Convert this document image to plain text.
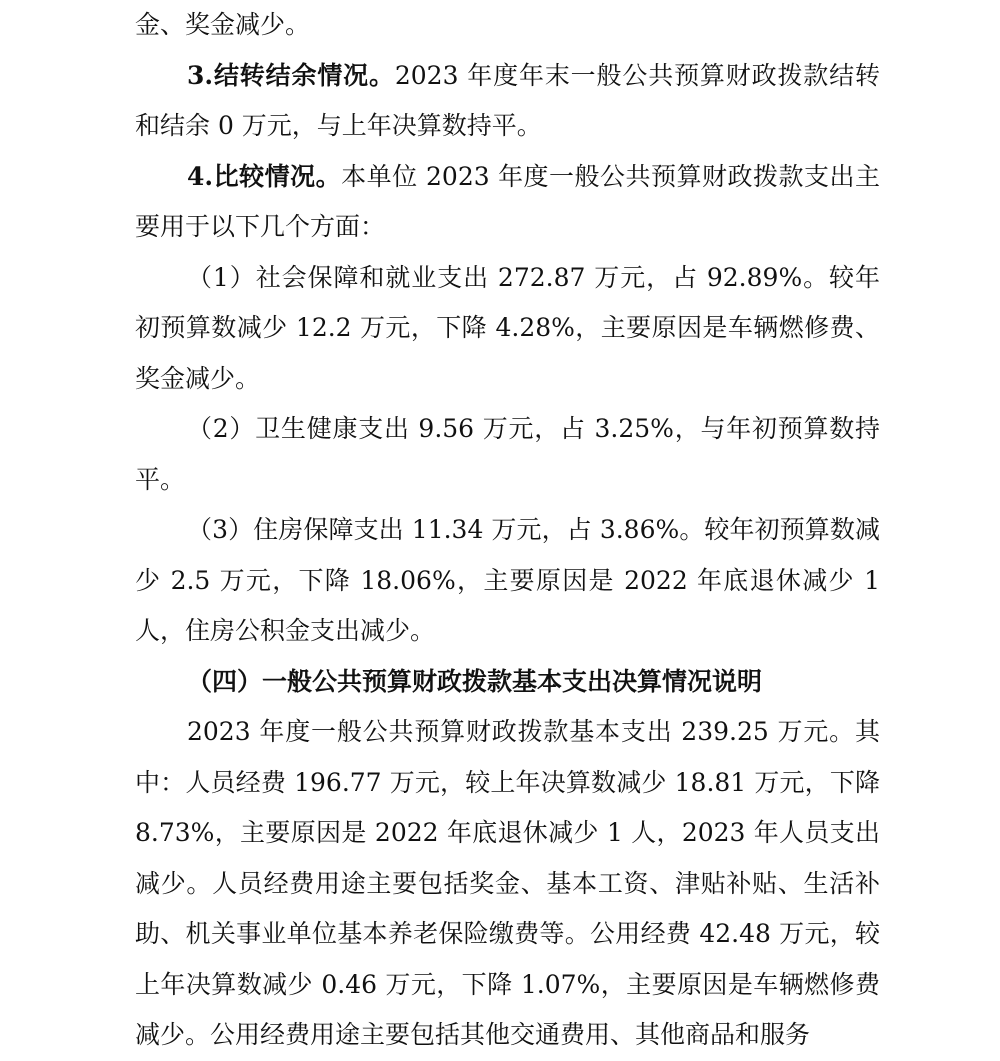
金、奖金减少。

3.结转结余情况。2023 年度年末一般公共预算财政拨款结转和结余 0 万元，与上年决算数持平。

4.比较情况。本单位 2023 年度一般公共预算财政拨款支出主要用于以下几个方面：

（1）社会保障和就业支出 272.87 万元，占 92.89%。较年初预算数减少 12.2 万元，下降 4.28%，主要原因是车辆燃修费、奖金减少。

（2）卫生健康支出 9.56 万元，占 3.25%，与年初预算数持平。

（3）住房保障支出 11.34 万元，占 3.86%。较年初预算数减少 2.5 万元，下降 18.06%，主要原因是 2022 年底退休减少 1 人，住房公积金支出减少。

（四）一般公共预算财政拨款基本支出决算情况说明

2023 年度一般公共预算财政拨款基本支出 239.25 万元。其中：人员经费 196.77 万元，较上年决算数减少 18.81 万元，下降 8.73%，主要原因是 2022 年底退休减少 1 人，2023 年人员支出减少。人员经费用途主要包括奖金、基本工资、津贴补贴、生活补助、机关事业单位基本养老保险缴费等。公用经费 42.48 万元，较上年决算数减少 0.46 万元，下降 1.07%，主要原因是车辆燃修费减少。公用经费用途主要包括其他交通费用、其他商品和服务
